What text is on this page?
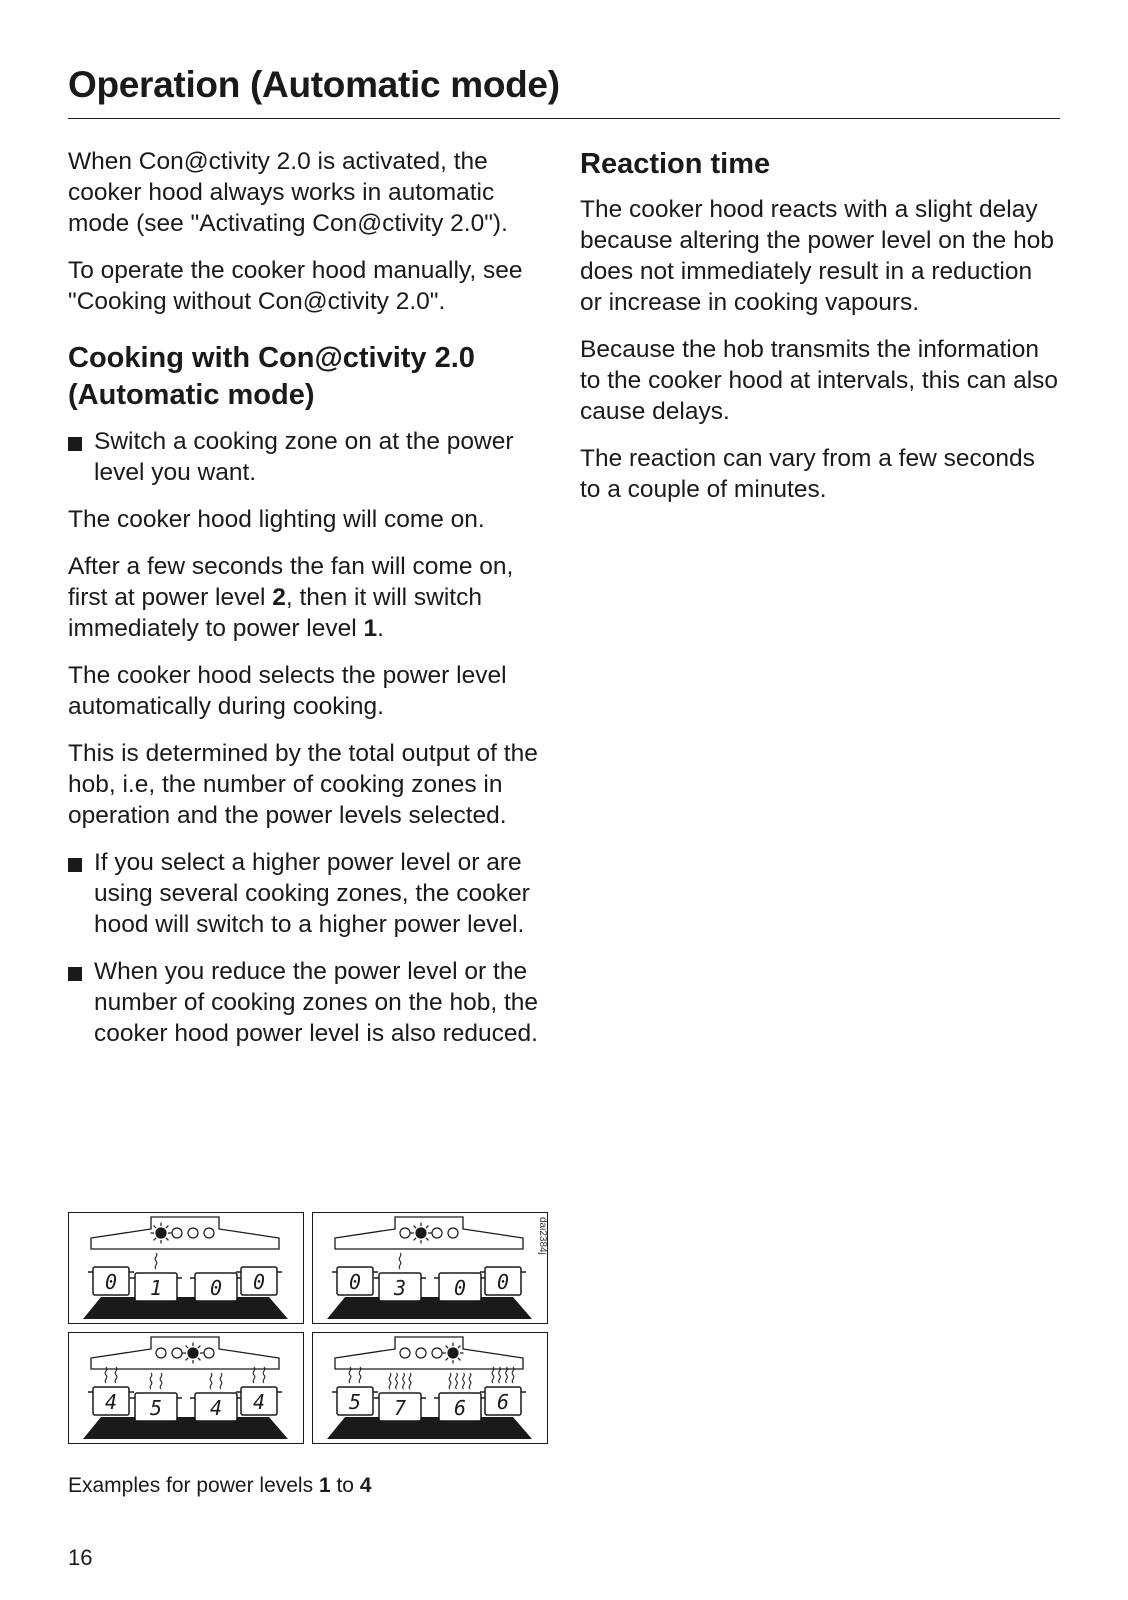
Operation (Automatic mode)

When Con@ctivity 2.0 is activated, the cooker hood always works in automatic mode (see "Activating Con@ctivity 2.0").

To operate the cooker hood manually, see "Cooking without Con@ctivity 2.0".

Cooking with Con@ctivity 2.0 (Automatic mode)

Switch a cooking zone on at the power level you want.

The cooker hood lighting will come on.

After a few seconds the fan will come on, first at power level 2, then it will switch immediately to power level 1.

The cooker hood selects the power level automatically during cooking.

This is determined by the total output of the hob, i.e, the number of cooking zones in operation and the power levels selected.

If you select a higher power level or are using several cooking zones, the cooker hood will switch to a higher power level.

When you reduce the power level or the number of cooking zones on the hob, the cooker hood power level is also reduced.

Reaction time

The cooker hood reacts with a slight delay because altering the power level on the hob does not immediately result in a reduction or increase in cooking vapours.

Because the hob transmits the information to the cooker hood at intervals, this can also cause delays.

The reaction can vary from a few seconds to a couple of minutes.

0 1 0 0	0 3 0 0
4 5 4 4	5 7 6 6
dai2384j

Examples for power levels 1 to 4

16
